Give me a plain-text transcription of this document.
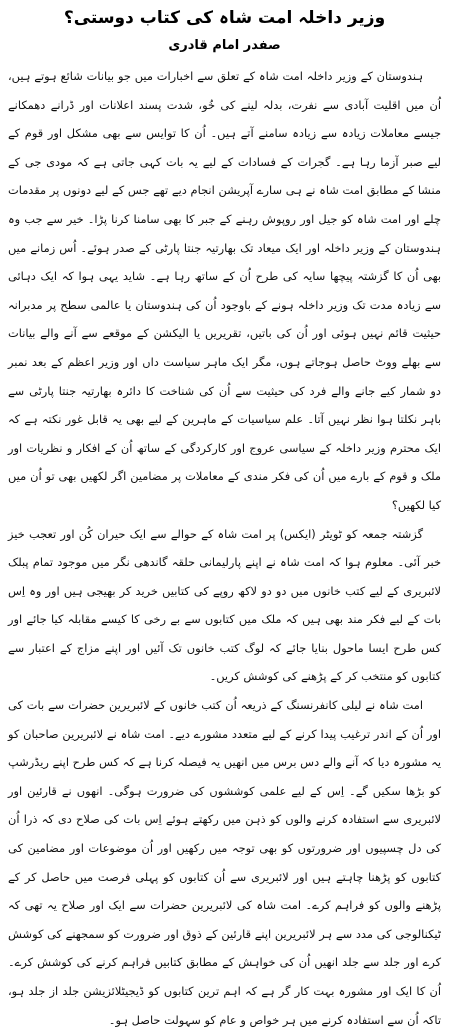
وزیر داخلہ امت شاہ کی کتاب دوستی؟
صفدر امام قادری

ہندوستان کے وزیر داخلہ امت شاہ کے تعلق سے اخبارات میں جو بیانات شائع ہوتے ہیں، اُن میں اقلیت آبادی سے نفرت، بدلہ لینے کی خُو، شدت پسند اعلانات اور ڈرانے دھمکانے جیسے معاملات زیادہ سے زیادہ سامنے آتے ہیں۔ اُن کا توایس سے بھی مشکل اور قوم کے لیے صبر آزما رہا ہے۔ گجرات کے فسادات کے لیے یہ بات کہی جاتی ہے کہ مودی جی کے منشا کے مطابق امت شاہ نے ہی سارے آپریشن انجام دیے تھے جس کے لیے دونوں پر مقدمات چلے اور امت شاہ کو جیل اور روپوش رہنے کے جبر کا بھی سامنا کرنا پڑا۔ خیر سے جب وہ ہندوستان کے وزیر داخلہ اور ایک میعاد تک بھارتیہ جنتا پارٹی کے صدر ہوئے۔ اُس زمانے میں بھی اُن کا گزشتہ پیچھا سایہ کی طرح اُن کے ساتھ رہا ہے۔ شاید یہی ہوا کہ ایک دہائی سے زیادہ مدت تک وزیر داخلہ ہونے کے باوجود اُن کی ہندوستان یا عالمی سطح پر مدبرانہ حیثیت قائم نہیں ہوئی اور اُن کی باتیں، تقریریں یا الیکشن کے موقعے سے آنے والے بیانات سے بھلے ووٹ حاصل ہوجاتے ہوں، مگر ایک ماہر سیاست داں اور وزیر اعظم کے بعد نمبر دو شمار کیے جانے والے فرد کی حیثیت سے اُن کی شناخت کا دائرہ بھارتیہ جنتا پارٹی سے باہر نکلتا ہوا نظر نہیں آتا۔ علم سیاسیات کے ماہرین کے لیے بھی یہ قابل غور نکتہ ہے کہ ایک محترم وزیر داخلہ کے سیاسی عروج اور کارکردگی کے ساتھ اُن کے افکار و نظریات اور ملک و قوم کے بارے میں اُن کی فکر مندی کے معاملات پر مضامین اگر لکھیں بھی تو اُن میں کیا لکھیں؟

گزشتہ جمعہ کو ٹویٹر (ایکس) پر امت شاہ کے حوالے سے ایک حیران کُن اور تعجب خیز خبر آئی۔ معلوم ہوا کہ امت شاہ نے اپنے پارلیمانی حلقہ گاندھی نگر میں موجود تمام پبلک لائبریری کے لیے کتب خانوں میں دو دو لاکھ روپے کی کتابیں خرید کر بھیجی ہیں اور وہ اِس بات کے لیے فکر مند بھی ہیں کہ ملک میں کتابوں سے بے رخی کا کیسے مقابلہ کیا جائے اور کس طرح ایسا ماحول بنایا جائے کہ لوگ کتب خانوں تک آئیں اور اپنے مزاج کے اعتبار سے کتابوں کو منتخب کر کے پڑھنے کی کوشش کریں۔

امت شاہ نے لیلی کانفرنسنگ کے ذریعہ اُن کتب خانوں کے لائبریرین حضرات سے بات کی اور اُن کے اندر ترغیب پیدا کرنے کے لیے متعدد مشورے دیے۔ امت شاہ نے لائبریرین صاحبان کو یہ مشورہ دیا کہ آنے والے دس برس میں انھیں یہ فیصلہ کرنا ہے کہ کس طرح اپنے ریڈرشپ کو بڑھا سکیں گے۔ اِس کے لیے علمی کوششوں کی ضرورت ہوگی۔ انھوں نے قارئین اور لائبریری سے استفادہ کرنے والوں کو ذہن میں رکھتے ہوئے اِس بات کی صلاح دی کہ ذرا اُن کی دل چسپیوں اور ضرورتوں کو بھی توجہ میں رکھیں اور اُن موضوعات اور مضامین کی کتابوں کو پڑھنا چاہتے ہیں اور لائبریری سے اُن کتابوں کو پہلی فرصت میں حاصل کر کے پڑھنے والوں کو فراہم کرے۔ امت شاہ کی لائبریرین حضرات سے ایک اور صلاح یہ تھی کہ ٹیکنالوجی کی مدد سے ہر لائبریرین اپنے قارئین کے ذوق اور ضرورت کو سمجھنے کی کوشش کرے اور جلد سے جلد انھیں اُن کی خواہش کے مطابق کتابیں فراہم کرنے کی کوشش کرے۔ اُن کا ایک اور مشورہ بہت کار گر ہے کہ اہم ترین کتابوں کو ڈیجیٹلائزیشن جلد از جلد ہو، تاکہ اُن سے استفادہ کرنے میں ہر خواص و عام کو سہولت حاصل ہو۔
